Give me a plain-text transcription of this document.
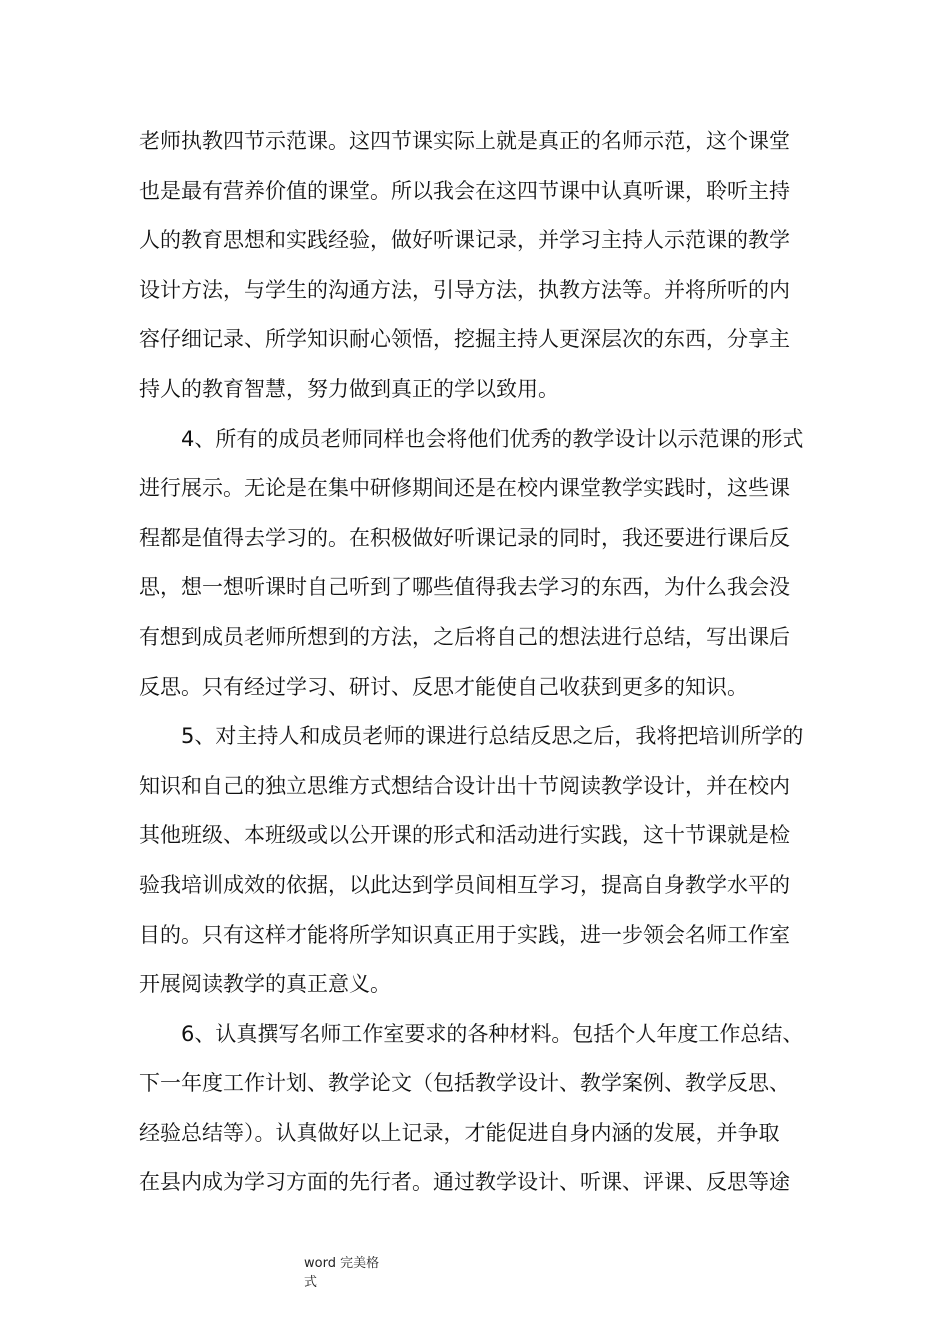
老师执教四节示范课。这四节课实际上就是真正的名师示范，这个课堂
也是最有营养价值的课堂。所以我会在这四节课中认真听课，聆听主持
人的教育思想和实践经验，做好听课记录，并学习主持人示范课的教学
设计方法，与学生的沟通方法，引导方法，执教方法等。并将所听的内
容仔细记录、所学知识耐心领悟，挖掘主持人更深层次的东西，分享主
持人的教育智慧，努力做到真正的学以致用。
　　4、所有的成员老师同样也会将他们优秀的教学设计以示范课的形式
进行展示。无论是在集中研修期间还是在校内课堂教学实践时，这些课
程都是值得去学习的。在积极做好听课记录的同时，我还要进行课后反
思，想一想听课时自己听到了哪些值得我去学习的东西，为什么我会没
有想到成员老师所想到的方法，之后将自己的想法进行总结，写出课后
反思。只有经过学习、研讨、反思才能使自己收获到更多的知识。
　　5、对主持人和成员老师的课进行总结反思之后，我将把培训所学的
知识和自己的独立思维方式想结合设计出十节阅读教学设计，并在校内
其他班级、本班级或以公开课的形式和活动进行实践，这十节课就是检
验我培训成效的依据，以此达到学员间相互学习，提高自身教学水平的
目的。只有这样才能将所学知识真正用于实践，进一步领会名师工作室
开展阅读教学的真正意义。
　　6、认真撰写名师工作室要求的各种材料。包括个人年度工作总结、
下一年度工作计划、教学论文（包括教学设计、教学案例、教学反思、
经验总结等）。认真做好以上记录，才能促进自身内涵的发展，并争取
在县内成为学习方面的先行者。通过教学设计、听课、评课、反思等途
word 完美格
式
